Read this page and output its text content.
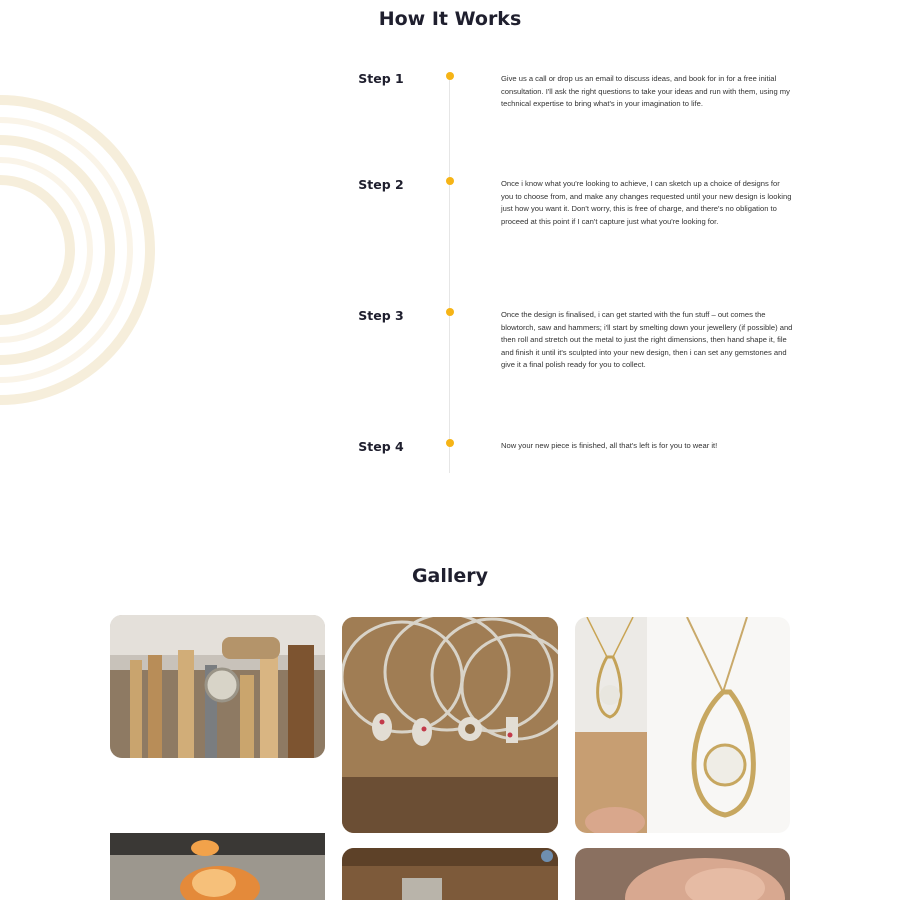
How It Works
Step 1	Give us a call or drop us an email to discuss ideas, and book for in for a free initial consultation. I'll ask the right questions to take your ideas and run with them, using my technical expertise to bring what's in your imagination to life.
Step 2	Once i know what you're looking to achieve, I can sketch up a choice of designs for you to choose from, and make any changes requested until your new design is looking just how you want it. Don't worry, this is free of charge, and there's no obligation to proceed at this point if I can't capture just what you're looking for.
Step 3	Once the design is finalised, i can get started with the fun stuff – out comes the blowtorch, saw and hammers; i'll start by smelting down your jewellery (if possible) and then roll and stretch out the metal to just the right dimensions, then hand shape it, file and finish it until it's sculpted into your new design, then i can set any gemstones and give it a final polish ready for you to collect.
Step 4	Now your new piece is finished, all that's left is for you to wear it!
Gallery
